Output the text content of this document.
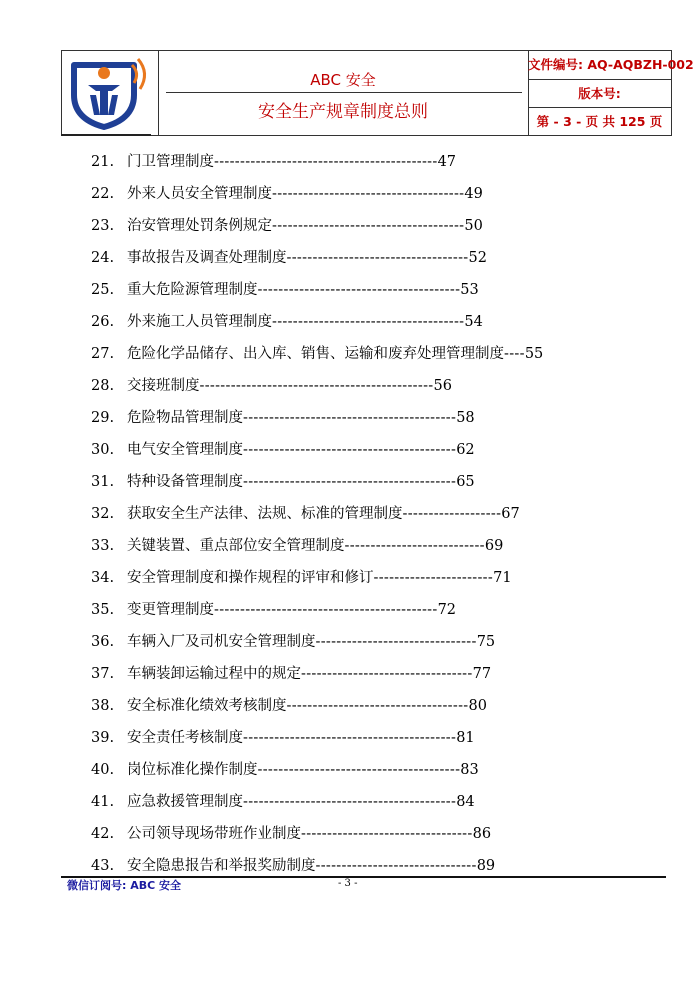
ABC 安全
安全生产规章制度总则
文件编号: AQ-AQBZH-002
版本号:
第 - 3 - 页 共 125 页
21. 门卫管理制度-------------------------------------------47
22. 外来人员安全管理制度-------------------------------------49
23. 治安管理处罚条例规定-------------------------------------50
24. 事故报告及调查处理制度-----------------------------------52
25. 重大危险源管理制度---------------------------------------53
26. 外来施工人员管理制度-------------------------------------54
27. 危险化学品储存、出入库、销售、运输和废弃处理管理制度----55
28. 交接班制度---------------------------------------------56
29. 危险物品管理制度-----------------------------------------58
30. 电气安全管理制度-----------------------------------------62
31. 特种设备管理制度-----------------------------------------65
32. 获取安全生产法律、法规、标准的管理制度-------------------67
33. 关键装置、重点部位安全管理制度---------------------------69
34. 安全管理制度和操作规程的评审和修订-----------------------71
35. 变更管理制度-------------------------------------------72
36. 车辆入厂及司机安全管理制度-------------------------------75
37. 车辆装卸运输过程中的规定---------------------------------77
38. 安全标准化绩效考核制度-----------------------------------80
39. 安全责任考核制度-----------------------------------------81
40. 岗位标准化操作制度---------------------------------------83
41. 应急救援管理制度-----------------------------------------84
42. 公司领导现场带班作业制度---------------------------------86
43. 安全隐患报告和举报奖励制度-------------------------------89
微信订阅号: ABC 安全	- 3 -
